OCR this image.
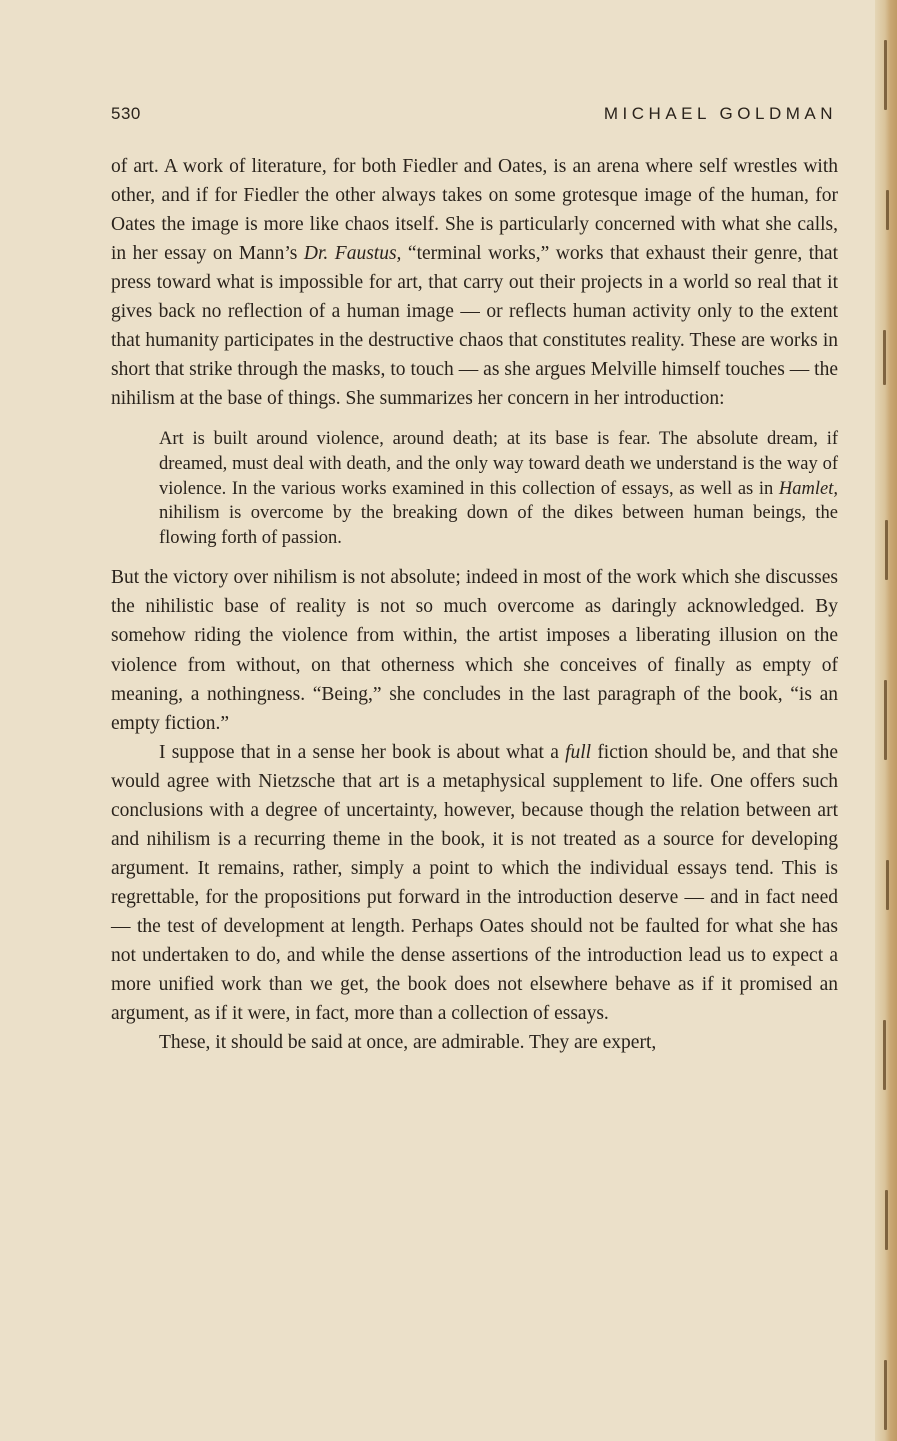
530	MICHAEL GOLDMAN

of art. A work of literature, for both Fiedler and Oates, is an arena where self wrestles with other, and if for Fiedler the other always takes on some grotesque image of the human, for Oates the image is more like chaos itself. She is particularly concerned with what she calls, in her essay on Mann’s Dr. Faustus, “terminal works,” works that exhaust their genre, that press toward what is impossible for art, that carry out their projects in a world so real that it gives back no reflection of a human image — or reflects human activity only to the extent that humanity participates in the destructive chaos that constitutes reality. These are works in short that strike through the masks, to touch — as she argues Melville himself touches — the nihilism at the base of things. She summarizes her concern in her introduction:

Art is built around violence, around death; at its base is fear. The absolute dream, if dreamed, must deal with death, and the only way toward death we understand is the way of violence. In the various works examined in this collection of essays, as well as in Hamlet, nihilism is overcome by the breaking down of the dikes between human beings, the flowing forth of passion.

But the victory over nihilism is not absolute; indeed in most of the work which she discusses the nihilistic base of reality is not so much overcome as daringly acknowledged. By somehow riding the violence from within, the artist imposes a liberating illusion on the violence from without, on that otherness which she conceives of finally as empty of meaning, a nothingness. “Being,” she concludes in the last paragraph of the book, “is an empty fiction.”

I suppose that in a sense her book is about what a full fiction should be, and that she would agree with Nietzsche that art is a metaphysical supplement to life. One offers such conclusions with a degree of uncertainty, however, because though the relation between art and nihilism is a recurring theme in the book, it is not treated as a source for developing argument. It remains, rather, simply a point to which the individual essays tend. This is regrettable, for the propositions put forward in the introduction deserve — and in fact need — the test of development at length. Perhaps Oates should not be faulted for what she has not undertaken to do, and while the dense assertions of the introduction lead us to expect a more unified work than we get, the book does not elsewhere behave as if it promised an argument, as if it were, in fact, more than a collection of essays.

These, it should be said at once, are admirable. They are expert,
